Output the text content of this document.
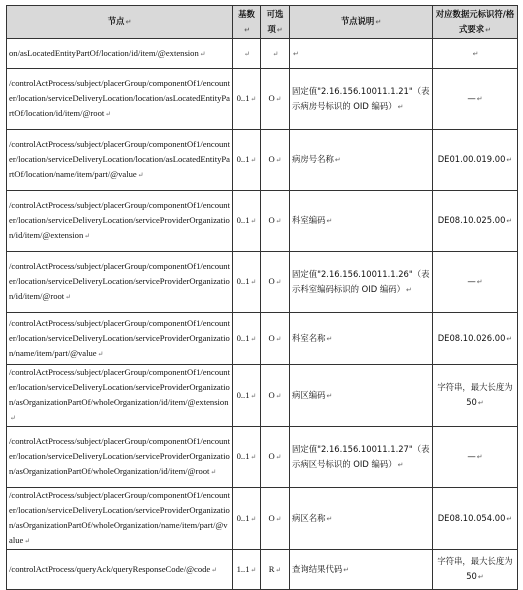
节点↵	基数↵	可选项↵	节点说明↵	对应数据元标识符/格式要求↵
on/asLocatedEntityPartOf/location/id/item/@extension↵	↵	↵	↵	↵
/controlActProcess/subject/placerGroup/componentOf1/encounter/location/serviceDeliveryLocation/location/asLocatedEntityPartOf/location/id/item/@root↵	0..1↵	O↵	固定值"2.16.156.10011.1.21"（表示病房号标识的 OID 编码）↵	—↵
/controlActProcess/subject/placerGroup/componentOf1/encounter/location/serviceDeliveryLocation/location/asLocatedEntityPartOf/location/name/item/part/@value↵	0..1↵	O↵	病房号名称↵	DE01.00.019.00↵
/controlActProcess/subject/placerGroup/componentOf1/encounter/location/serviceDeliveryLocation/serviceProviderOrganization/id/item/@extension↵	0..1↵	O↵	科室编码↵	DE08.10.025.00↵
/controlActProcess/subject/placerGroup/componentOf1/encounter/location/serviceDeliveryLocation/serviceProviderOrganization/id/item/@root↵	0..1↵	O↵	固定值"2.16.156.10011.1.26"（表示科室编码标识的 OID 编码）↵	—↵
/controlActProcess/subject/placerGroup/componentOf1/encounter/location/serviceDeliveryLocation/serviceProviderOrganization/name/item/part/@value↵	0..1↵	O↵	科室名称↵	DE08.10.026.00↵
/controlActProcess/subject/placerGroup/componentOf1/encounter/location/serviceDeliveryLocation/serviceProviderOrganization/asOrganizationPartOf/wholeOrganization/id/item/@extension↵	0..1↵	O↵	病区编码↵	字符串，最大长度为 50↵
/controlActProcess/subject/placerGroup/componentOf1/encounter/location/serviceDeliveryLocation/serviceProviderOrganization/asOrganizationPartOf/wholeOrganization/id/item/@root↵	0..1↵	O↵	固定值"2.16.156.10011.1.27"（表示病区号标识的 OID 编码）↵	—↵
/controlActProcess/subject/placerGroup/componentOf1/encounter/location/serviceDeliveryLocation/serviceProviderOrganization/asOrganizationPartOf/wholeOrganization/name/item/part/@value↵	0..1↵	O↵	病区名称↵	DE08.10.054.00↵
/controlActProcess/queryAck/queryResponseCode/@code↵	1..1↵	R↵	查询结果代码↵	字符串，最大长度为 50↵
